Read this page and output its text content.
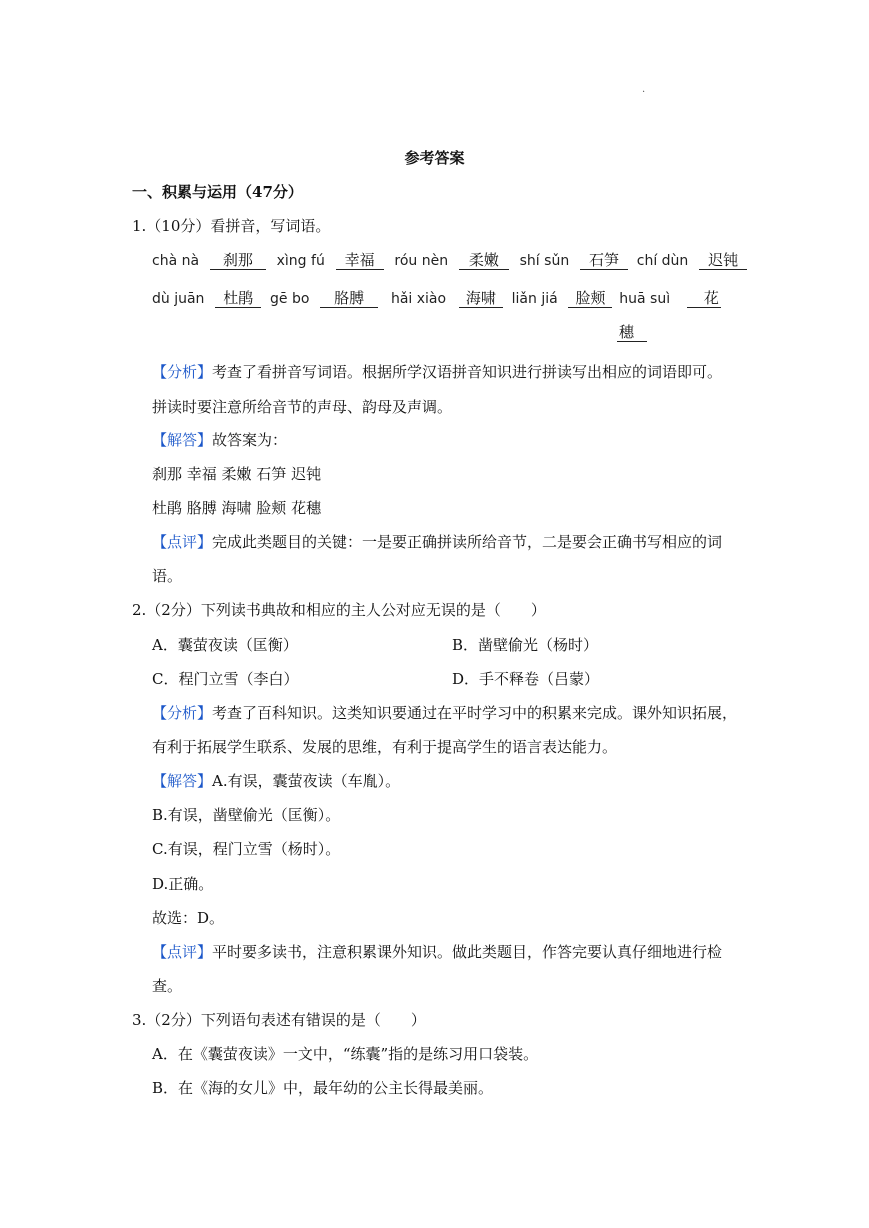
.
参考答案
一、积累与运用（47分）
1.（10分）看拼音，写词语。
chà nà 刹那 xìng fú 幸福 róu nèn 柔嫩 shí sǔn 石笋 chí dùn 迟钝
dù juān 杜鹃 gē bo 胳膊 hǎi xiào 海啸 liǎn jiá 脸颊 huā suì 花
穗
【分析】考查了看拼音写词语。根据所学汉语拼音知识进行拼读写出相应的词语即可。
拼读时要注意所给音节的声母、韵母及声调。
【解答】故答案为：
刹那 幸福 柔嫩 石笋 迟钝
杜鹃 胳膊 海啸 脸颊 花穗
【点评】完成此类题目的关键：一是要正确拼读所给音节，二是要会正确书写相应的词
语。
2.（2分）下列读书典故和相应的主人公对应无误的是（　　）
A．囊萤夜读（匡衡）	B．凿壁偷光（杨时）
C．程门立雪（李白）	D．手不释卷（吕蒙）
【分析】考查了百科知识。这类知识要通过在平时学习中的积累来完成。课外知识拓展，
有利于拓展学生联系、发展的思维，有利于提高学生的语言表达能力。
【解答】A.有误，囊萤夜读（车胤）。
B.有误，凿壁偷光（匡衡）。
C.有误，程门立雪（杨时）。
D.正确。
故选：D。
【点评】平时要多读书，注意积累课外知识。做此类题目，作答完要认真仔细地进行检
查。
3.（2分）下列语句表述有错误的是（　　）
A．在《囊萤夜读》一文中，“练囊”指的是练习用口袋装。
B．在《海的女儿》中，最年幼的公主长得最美丽。
